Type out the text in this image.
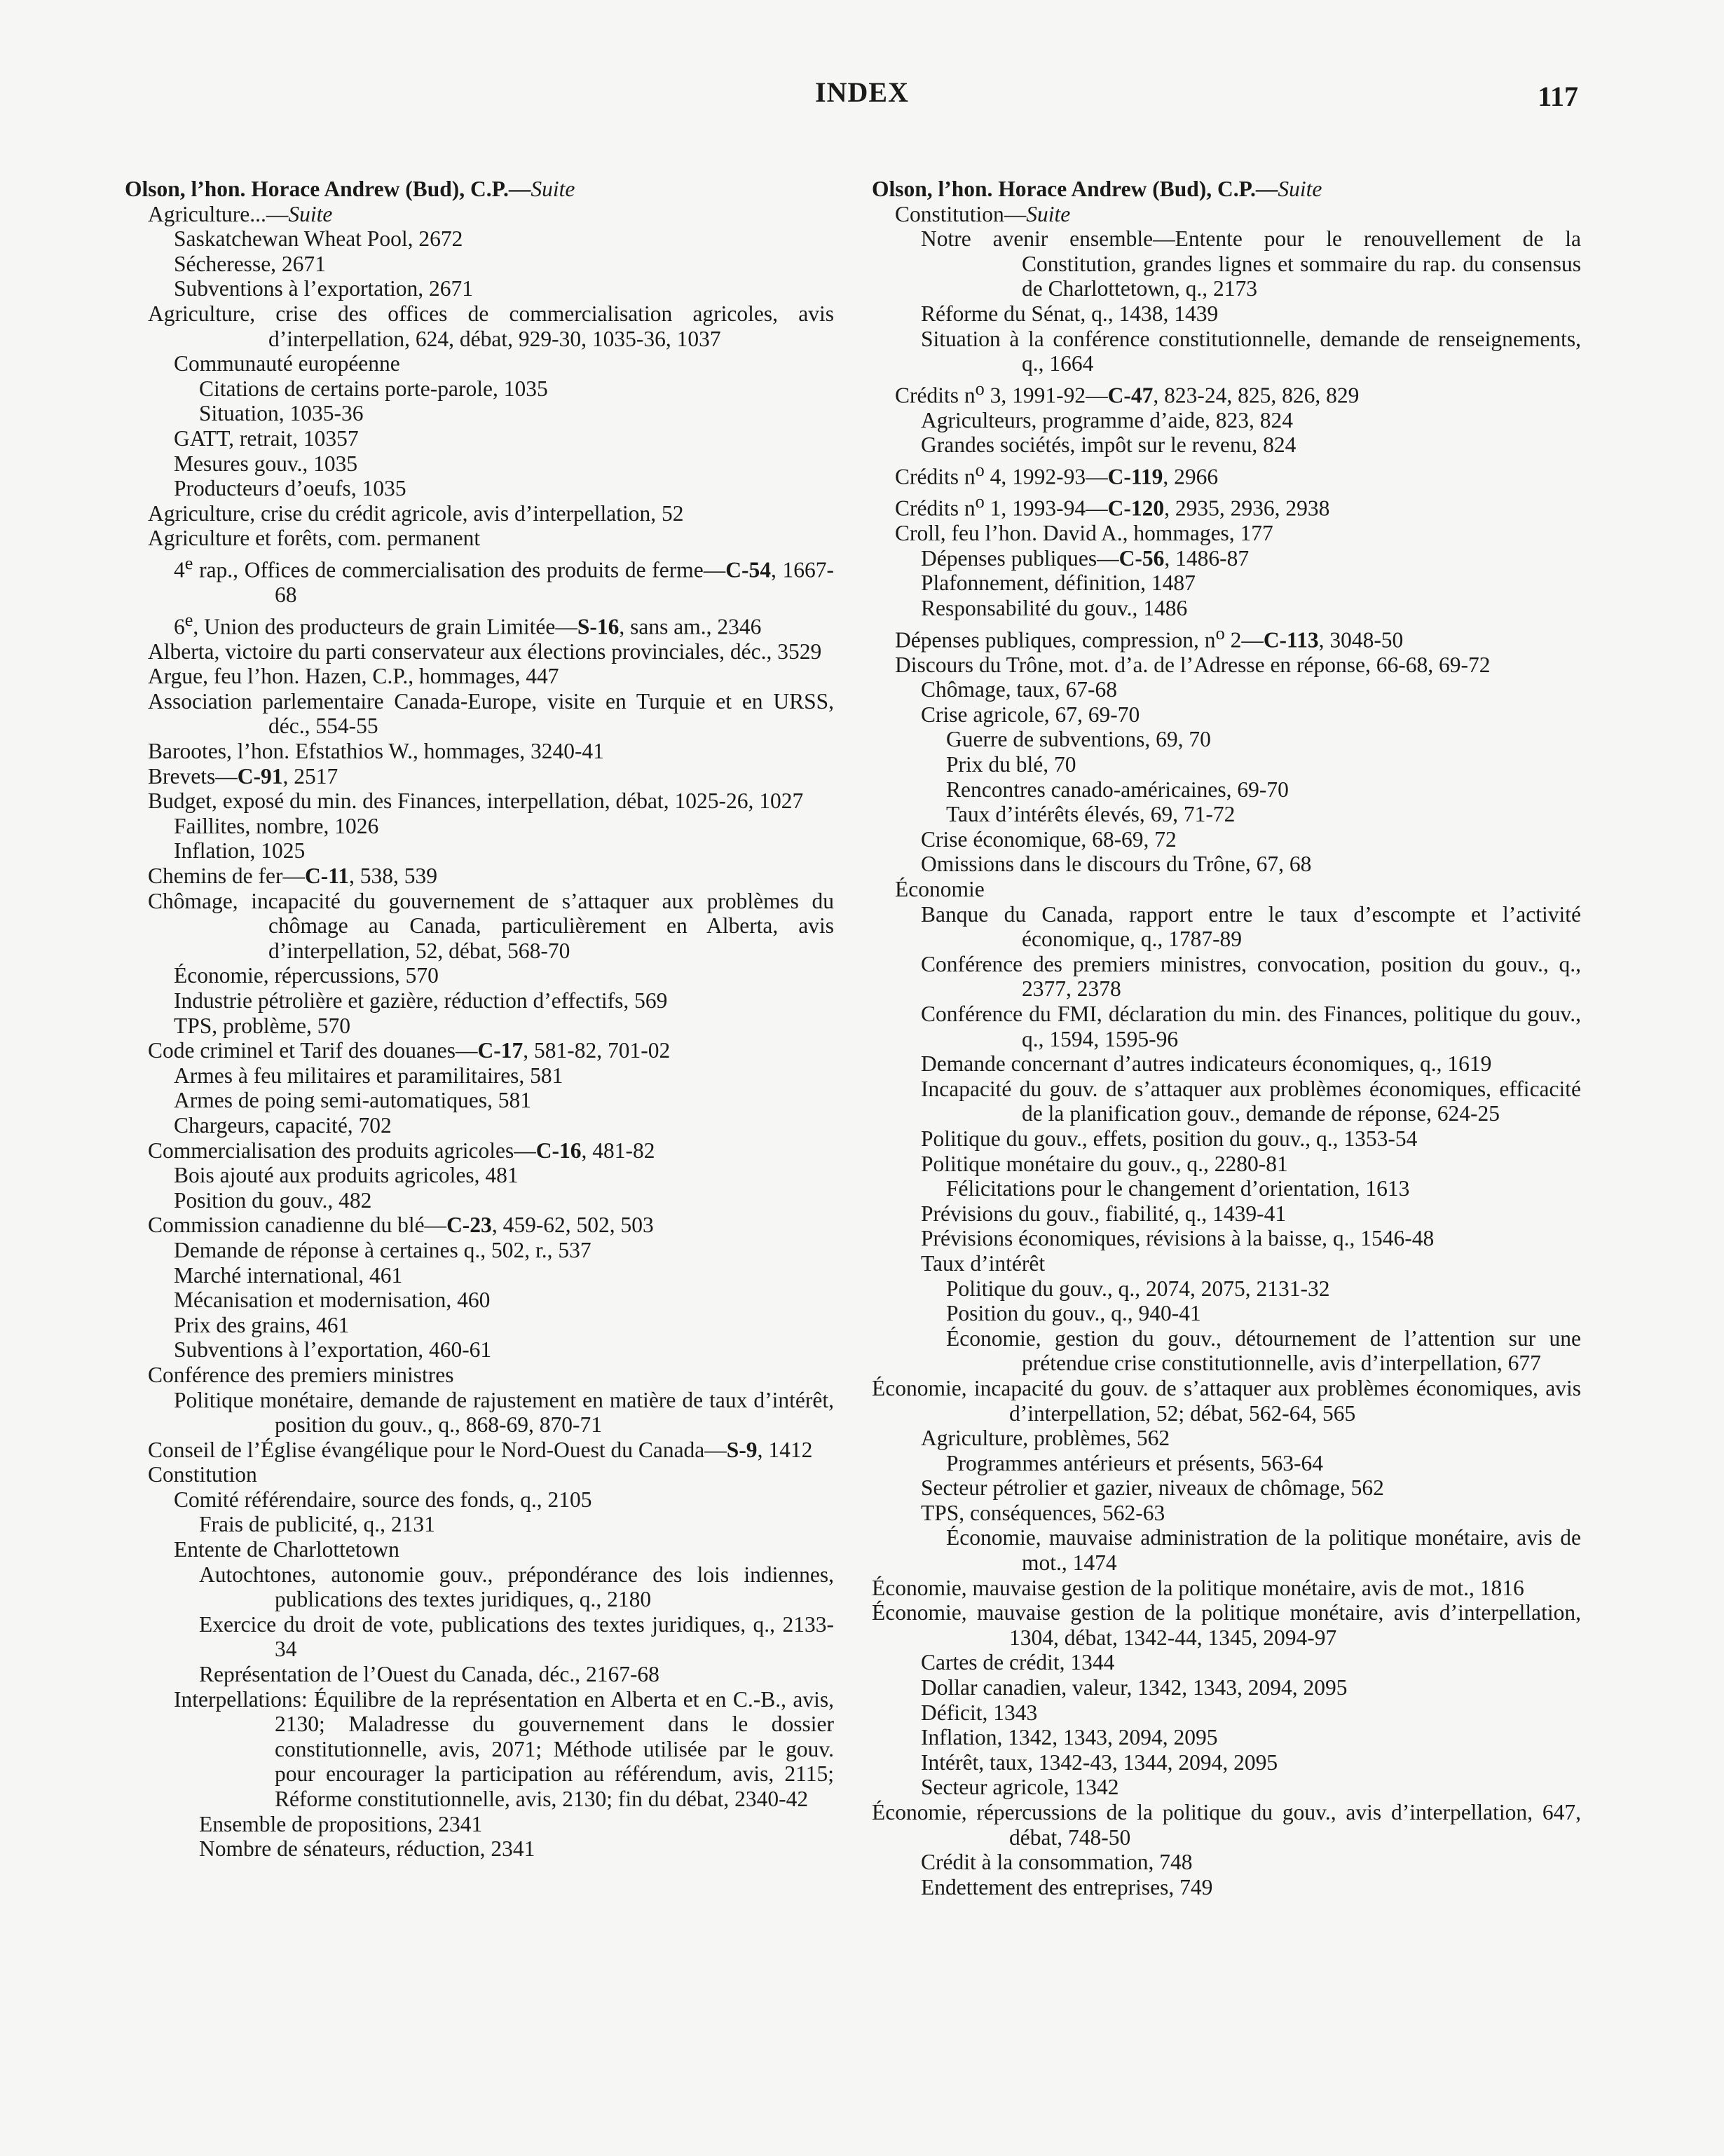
INDEX	117
Olson, l’hon. Horace Andrew (Bud), C.P.—Suite
Agriculture...—Suite
Saskatchewan Wheat Pool, 2672
Sécheresse, 2671
Subventions à l’exportation, 2671
Agriculture, crise des offices de commercialisation agricoles, avis d’interpellation, 624, débat, 929-30, 1035-36, 1037
Communauté européenne
Citations de certains porte-parole, 1035
Situation, 1035-36
GATT, retrait, 10357
Mesures gouv., 1035
Producteurs d’oeufs, 1035
Agriculture, crise du crédit agricole, avis d’interpellation, 52
Agriculture et forêts, com. permanent
4e rap., Offices de commercialisation des produits de ferme—C-54, 1667-68
6e, Union des producteurs de grain Limitée—S-16, sans am., 2346
Alberta, victoire du parti conservateur aux élections provinciales, déc., 3529
Argue, feu l’hon. Hazen, C.P., hommages, 447
Association parlementaire Canada-Europe, visite en Turquie et en URSS, déc., 554-55
Barootes, l’hon. Efstathios W., hommages, 3240-41
Brevets—C-91, 2517
Budget, exposé du min. des Finances, interpellation, débat, 1025-26, 1027
Faillites, nombre, 1026
Inflation, 1025
Chemins de fer—C-11, 538, 539
Chômage, incapacité du gouvernement de s’attaquer aux problèmes du chômage au Canada, particulièrement en Alberta, avis d’interpellation, 52, débat, 568-70
Économie, répercussions, 570
Industrie pétrolière et gazière, réduction d’effectifs, 569
TPS, problème, 570
Code criminel et Tarif des douanes—C-17, 581-82, 701-02
Armes à feu militaires et paramilitaires, 581
Armes de poing semi-automatiques, 581
Chargeurs, capacité, 702
Commercialisation des produits agricoles—C-16, 481-82
Bois ajouté aux produits agricoles, 481
Position du gouv., 482
Commission canadienne du blé—C-23, 459-62, 502, 503
Demande de réponse à certaines q., 502, r., 537
Marché international, 461
Mécanisation et modernisation, 460
Prix des grains, 461
Subventions à l’exportation, 460-61
Conférence des premiers ministres
Politique monétaire, demande de rajustement en matière de taux d’intérêt, position du gouv., q., 868-69, 870-71
Conseil de l’Église évangélique pour le Nord-Ouest du Canada—S-9, 1412
Constitution
Comité référendaire, source des fonds, q., 2105
Frais de publicité, q., 2131
Entente de Charlottetown
Autochtones, autonomie gouv., prépondérance des lois indiennes, publications des textes juridiques, q., 2180
Exercice du droit de vote, publications des textes juridiques, q., 2133-34
Représentation de l’Ouest du Canada, déc., 2167-68
Interpellations: Équilibre de la représentation en Alberta et en C.-B., avis, 2130; Maladresse du gouvernement dans le dossier constitutionnelle, avis, 2071; Méthode utilisée par le gouv. pour encourager la participation au référendum, avis, 2115; Réforme constitutionnelle, avis, 2130; fin du débat, 2340-42
Ensemble de propositions, 2341
Nombre de sénateurs, réduction, 2341
Olson, l’hon. Horace Andrew (Bud), C.P.—Suite
Constitution—Suite
Notre avenir ensemble—Entente pour le renouvellement de la Constitution, grandes lignes et sommaire du rap. du consensus de Charlottetown, q., 2173
Réforme du Sénat, q., 1438, 1439
Situation à la conférence constitutionnelle, demande de renseignements, q., 1664
Crédits $n^o$ 3, 1991-92—C-47, 823-24, 825, 826, 829
Agriculteurs, programme d’aide, 823, 824
Grandes sociétés, impôt sur le revenu, 824
Crédits $n^o$ 4, 1992-93—C-119, 2966
Crédits $n^o$ 1, 1993-94—C-120, 2935, 2936, 2938
Croll, feu l’hon. David A., hommages, 177
Dépenses publiques—C-56, 1486-87
Plafonnement, définition, 1487
Responsabilité du gouv., 1486
Dépenses publiques, compression, $n^o$ 2—C-113, 3048-50
Discours du Trône, mot. d’a. de l’Adresse en réponse, 66-68, 69-72
Chômage, taux, 67-68
Crise agricole, 67, 69-70
Guerre de subventions, 69, 70
Prix du blé, 70
Rencontres canado-américaines, 69-70
Taux d’intérêts élevés, 69, 71-72
Crise économique, 68-69, 72
Omissions dans le discours du Trône, 67, 68
Économie
Banque du Canada, rapport entre le taux d’escompte et l’activité économique, q., 1787-89
Conférence des premiers ministres, convocation, position du gouv., q., 2377, 2378
Conférence du FMI, déclaration du min. des Finances, politique du gouv., q., 1594, 1595-96
Demande concernant d’autres indicateurs économiques, q., 1619
Incapacité du gouv. de s’attaquer aux problèmes économiques, efficacité de la planification gouv., demande de réponse, 624-25
Politique du gouv., effets, position du gouv., q., 1353-54
Politique monétaire du gouv., q., 2280-81
Félicitations pour le changement d’orientation, 1613
Prévisions du gouv., fiabilité, q., 1439-41
Prévisions économiques, révisions à la baisse, q., 1546-48
Taux d’intérêt
Politique du gouv., q., 2074, 2075, 2131-32
Position du gouv., q., 940-41
Économie, gestion du gouv., détournement de l’attention sur une prétendue crise constitutionnelle, avis d’interpellation, 677
Économie, incapacité du gouv. de s’attaquer aux problèmes économiques, avis d’interpellation, 52; débat, 562-64, 565
Agriculture, problèmes, 562
Programmes antérieurs et présents, 563-64
Secteur pétrolier et gazier, niveaux de chômage, 562
TPS, conséquences, 562-63
Économie, mauvaise administration de la politique monétaire, avis de mot., 1474
Économie, mauvaise gestion de la politique monétaire, avis de mot., 1816
Économie, mauvaise gestion de la politique monétaire, avis d’interpellation, 1304, débat, 1342-44, 1345, 2094-97
Cartes de crédit, 1344
Dollar canadien, valeur, 1342, 1343, 2094, 2095
Déficit, 1343
Inflation, 1342, 1343, 2094, 2095
Intérêt, taux, 1342-43, 1344, 2094, 2095
Secteur agricole, 1342
Économie, répercussions de la politique du gouv., avis d’interpellation, 647, débat, 748-50
Crédit à la consommation, 748
Endettement des entreprises, 749
